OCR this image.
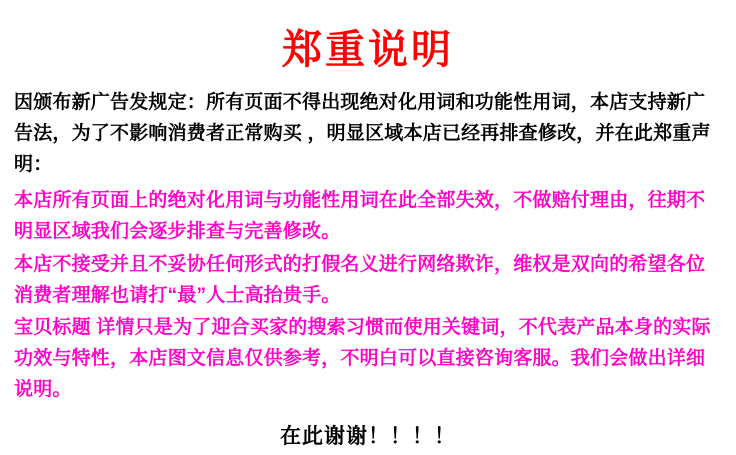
郑重说明

因颁布新广告发规定：所有页面不得出现绝对化用词和功能性用词，本店支持新广告法，为了不影响消费者正常购买 ，明显区域本店已经再排查修改，并在此郑重声明：

本店所有页面上的绝对化用词与功能性用词在此全部失效，不做赔付理由，往期不明显区域我们会逐步排查与完善修改。

本店不接受并且不妥协任何形式的打假名义进行网络欺诈，维权是双向的希望各位消费者理解也请打“最”人士高抬贵手。

宝贝标题 详情只是为了迎合买家的搜索习惯而使用关键词，不代表产品本身的实际功效与特性，本店图文信息仅供参考，不明白可以直接咨询客服。我们会做出详细说明。

在此谢谢！！！！
